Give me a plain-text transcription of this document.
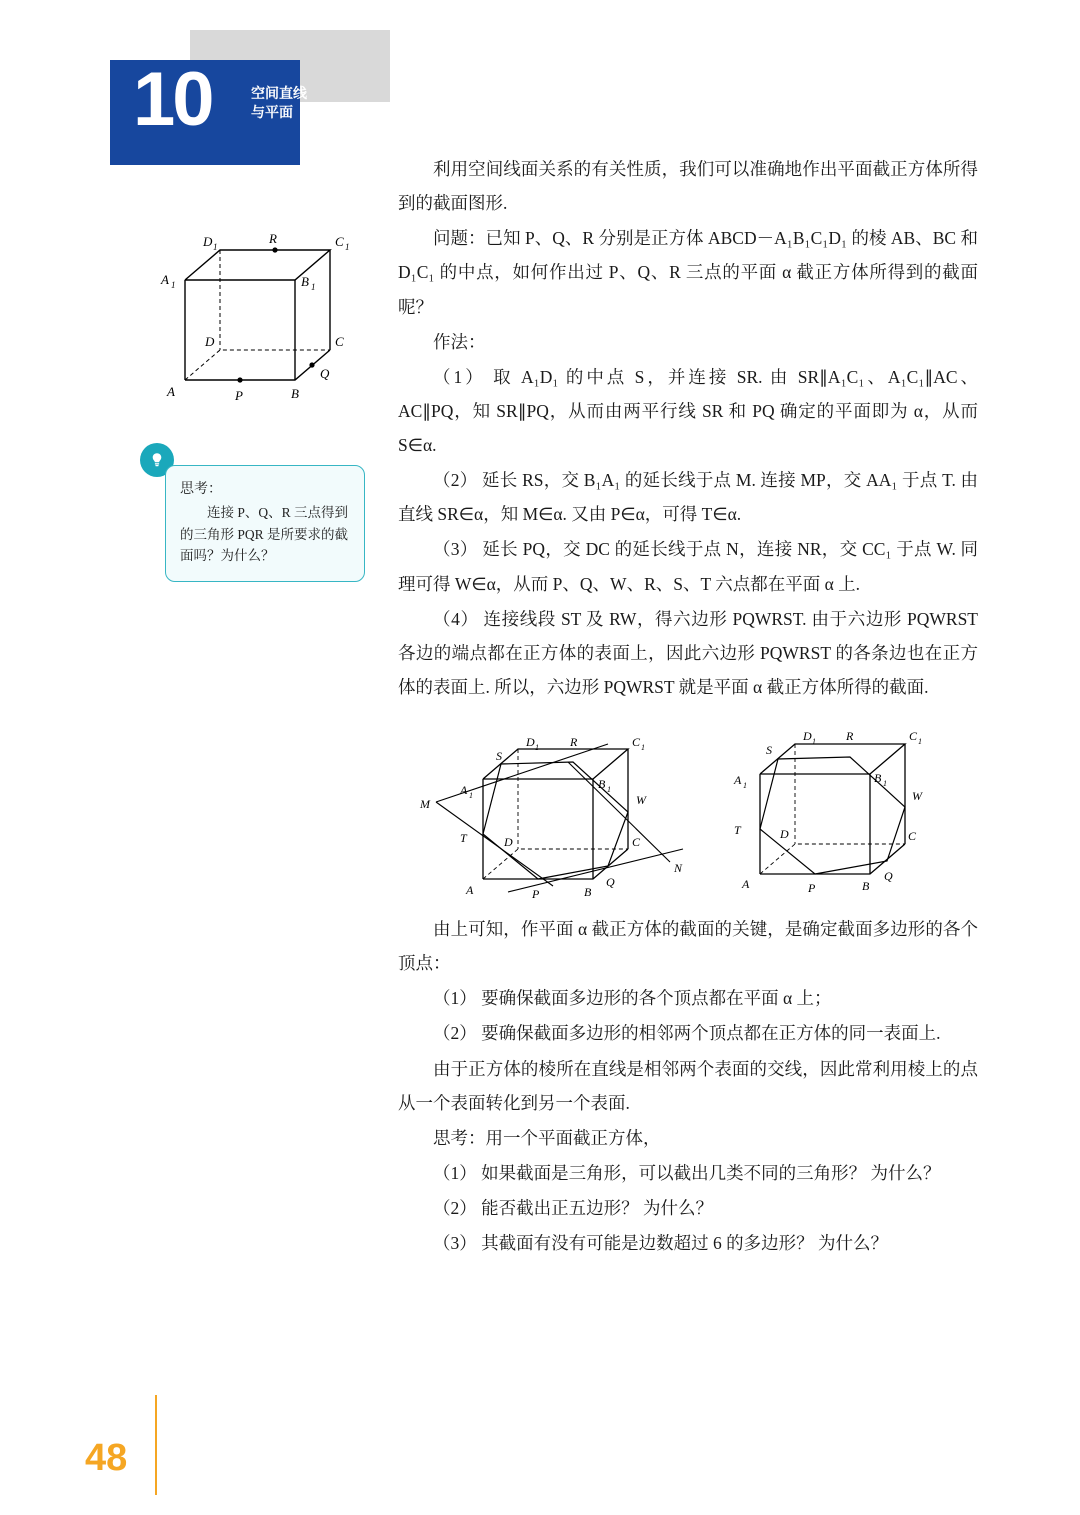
10	空间直线
与平面
D 1
R	C 1
A 1	B 1
D	C
Q
A	P	B
思考：
连接 P、Q、R 三点得到的三角形 PQR 是所要求的截面吗？为什么？

利用空间线面关系的有关性质，我们可以准确地作出平面截正方体所得到的截面图形.

问题：已知 P、Q、R 分别是正方体 ABCD－A₁B₁C₁D₁ 的棱 AB、BC 和 D₁C₁ 的中点，如何作出过 P、Q、R 三点的平面 α 截正方体所得到的截面呢？

作法：

（1） 取 A₁D₁ 的中点 S，并连接 SR. 由 SR∥A₁C₁、A₁C₁∥AC、AC∥PQ，知 SR∥PQ，从而由两平行线 SR 和 PQ 确定的平面即为 α，从而 S∈α.

（2） 延长 RS，交 B₁A₁ 的延长线于点 M. 连接 MP，交 AA₁ 于点 T. 由直线 SR∈α，知 M∈α. 又由 P∈α，可得 T∈α.

（3） 延长 PQ，交 DC 的延长线于点 N，连接 NR，交 CC₁ 于点 W. 同理可得 W∈α，从而 P、Q、W、R、S、T 六点都在平面 α 上.

（4） 连接线段 ST 及 RW，得六边形 PQWRST. 由于六边形 PQWRST 各边的端点都在正方体的表面上，因此六边形 PQWRST 的各条边也在正方体的表面上. 所以，六边形 PQWRST 就是平面 α 截正方体所得的截面.

S
D 1	R	C 1
M
A 1
B 1
W
T	D	C
A	P	B
Q
N
D 1	R	C 1
S
A 1
B 1
W
T	D	C
A	P	B
Q

由上可知，作平面 α 截正方体的截面的关键，是确定截面多边形的各个顶点：

（1） 要确保截面多边形的各个顶点都在平面 α 上；

（2） 要确保截面多边形的相邻两个顶点都在正方体的同一表面上.

由于正方体的棱所在直线是相邻两个表面的交线，因此常利用棱上的点从一个表面转化到另一个表面.

思考：用一个平面截正方体，

（1） 如果截面是三角形，可以截出几类不同的三角形？ 为什么？

（2） 能否截出正五边形？ 为什么？

（3） 其截面有没有可能是边数超过 6 的多边形？ 为什么？

48
